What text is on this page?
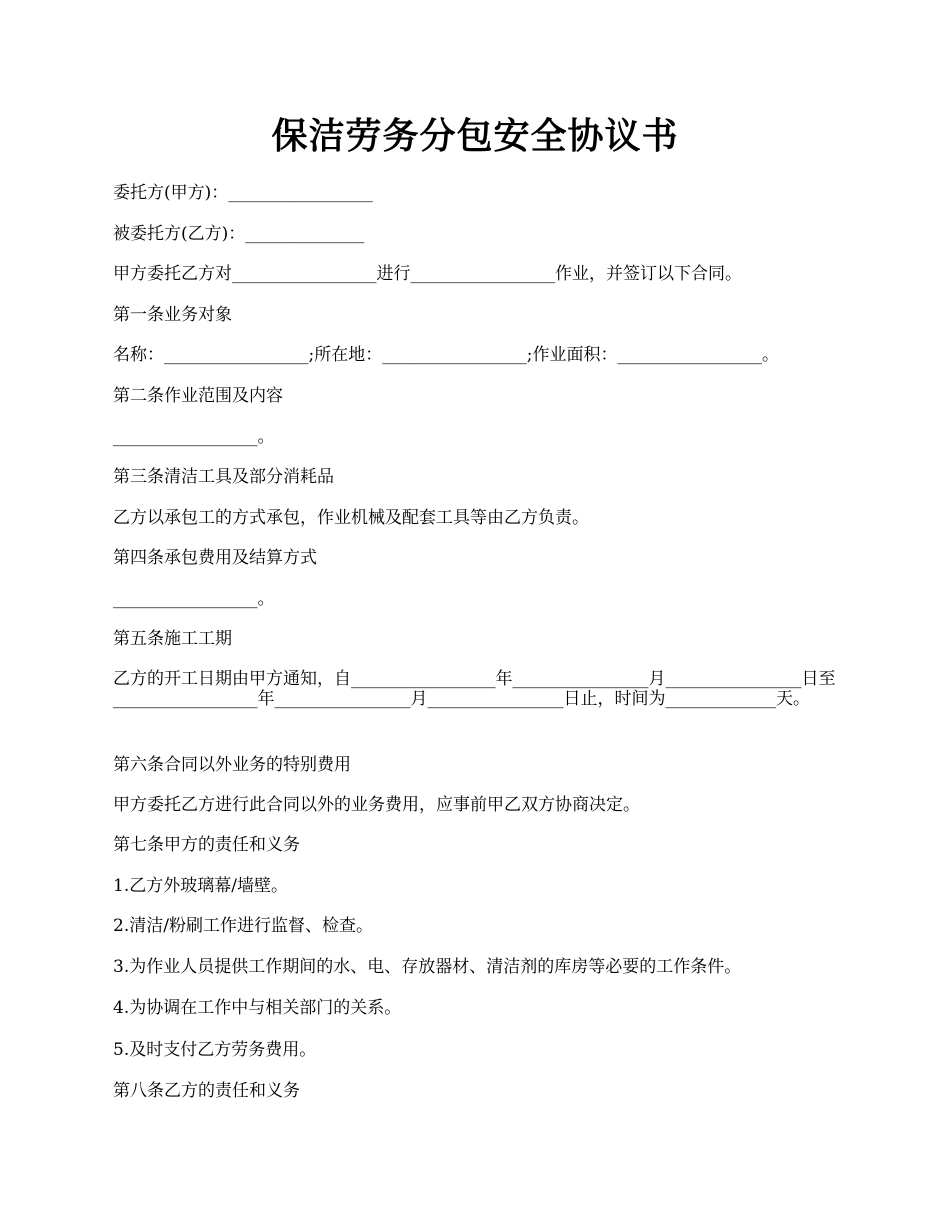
保洁劳务分包安全协议书
委托方(甲方)：_________________
被委托方(乙方)：______________
甲方委托乙方对_________________进行_________________作业，并签订以下合同。
第一条业务对象
名称：_________________;所在地：_________________;作业面积：_________________。
第二条作业范围及内容
_________________。
第三条清洁工具及部分消耗品
乙方以承包工的方式承包，作业机械及配套工具等由乙方负责。
第四条承包费用及结算方式
_________________。
第五条施工工期
乙方的开工日期由甲方通知，自_________________年________________月________________日至_________________年________________月________________日止，时间为_____________天。
第六条合同以外业务的特别费用
甲方委托乙方进行此合同以外的业务费用，应事前甲乙双方协商决定。
第七条甲方的责任和义务
1.乙方外玻璃幕/墙壁。
2.清洁/粉刷工作进行监督、检查。
3.为作业人员提供工作期间的水、电、存放器材、清洁剂的库房等必要的工作条件。
4.为协调在工作中与相关部门的关系。
5.及时支付乙方劳务费用。
第八条乙方的责任和义务
